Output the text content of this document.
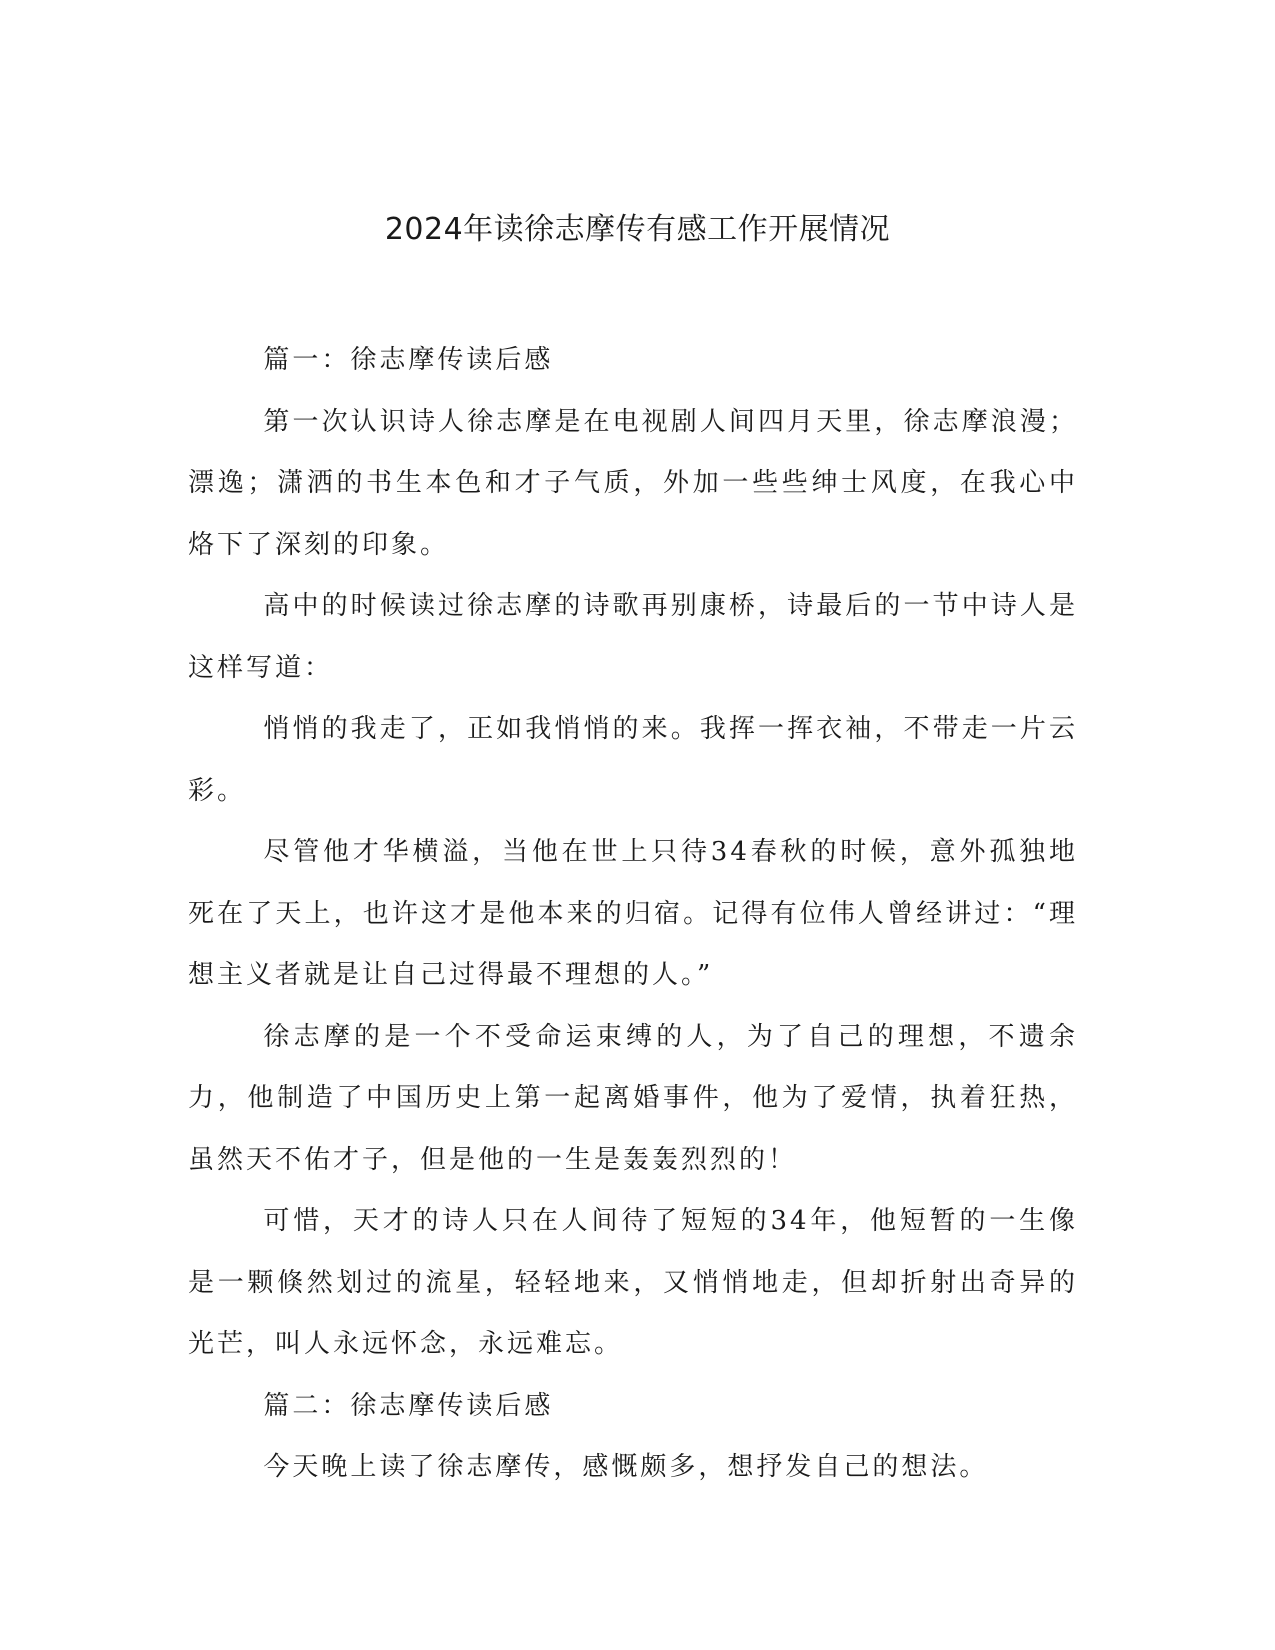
2024年读徐志摩传有感工作开展情况

篇一：徐志摩传读后感

第一次认识诗人徐志摩是在电视剧人间四月天里，徐志摩浪漫；漂逸；潇洒的书生本色和才子气质，外加一些些绅士风度，在我心中烙下了深刻的印象。

高中的时候读过徐志摩的诗歌再别康桥，诗最后的一节中诗人是这样写道：

悄悄的我走了，正如我悄悄的来。我挥一挥衣袖，不带走一片云彩。

尽管他才华横溢，当他在世上只待34春秋的时候，意外孤独地死在了天上，也许这才是他本来的归宿。记得有位伟人曾经讲过：“理想主义者就是让自己过得最不理想的人。”

徐志摩的是一个不受命运束缚的人，为了自己的理想，不遗余力，他制造了中国历史上第一起离婚事件，他为了爱情，执着狂热，虽然天不佑才子，但是他的一生是轰轰烈烈的！

可惜，天才的诗人只在人间待了短短的34年，他短暂的一生像是一颗倏然划过的流星，轻轻地来，又悄悄地走，但却折射出奇异的光芒，叫人永远怀念，永远难忘。

篇二：徐志摩传读后感

今天晚上读了徐志摩传，感慨颇多，想抒发自己的想法。
